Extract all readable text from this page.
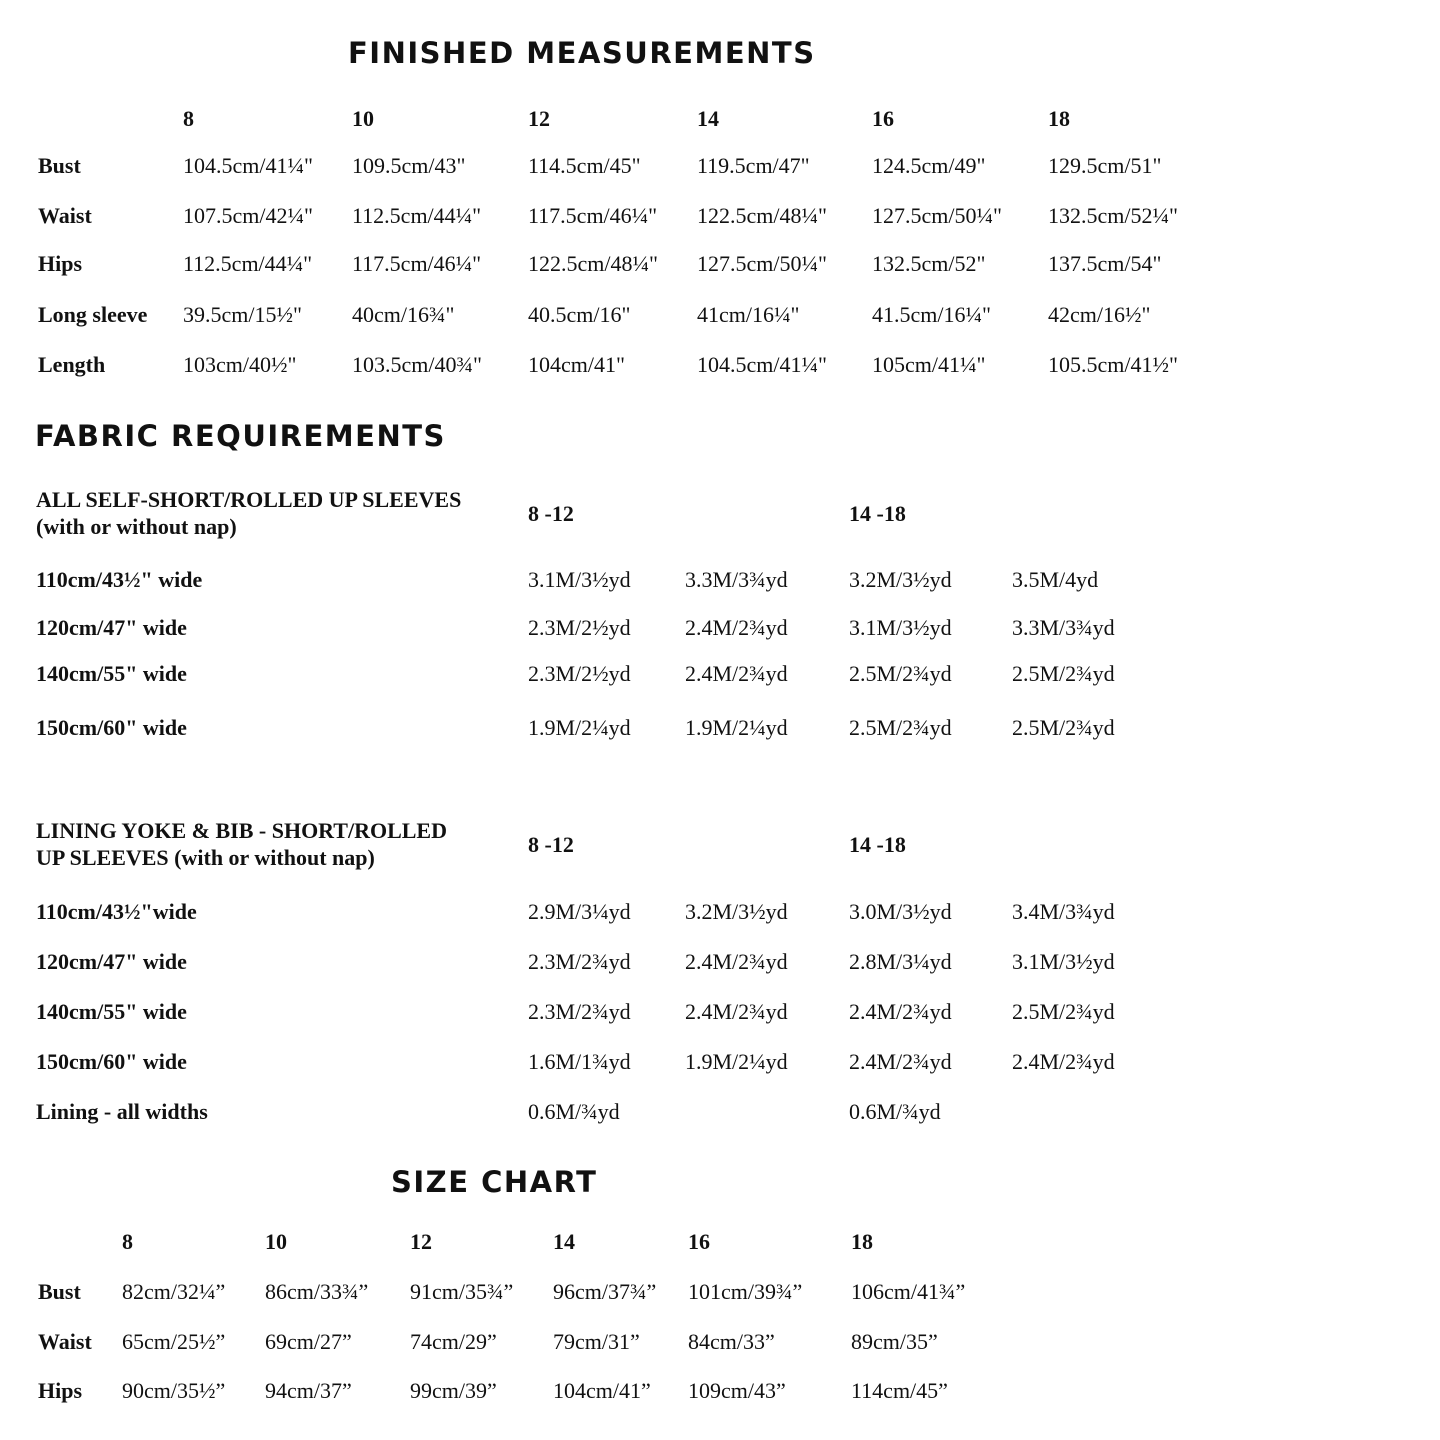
FINISHED MEASUREMENTS
8	10	12	14	16	18
Bust	104.5cm/41¼" 109.5cm/43"	114.5cm/45"	119.5cm/47"	124.5cm/49"	129.5cm/51"
Waist	107.5cm/42¼" 112.5cm/44¼" 117.5cm/46¼" 122.5cm/48¼" 127.5cm/50¼" 132.5cm/52¼"
Hips	112.5cm/44¼" 117.5cm/46¼" 122.5cm/48¼" 127.5cm/50¼" 132.5cm/52"	137.5cm/54"
Long sleeve 39.5cm/15½" 40cm/16¾"	40.5cm/16"	41cm/16¼"	41.5cm/16¼"	42cm/16½"
Length	103cm/40½"	103.5cm/40¾" 104cm/41"	104.5cm/41¼" 105cm/41¼"	105.5cm/41½"
FABRIC REQUIREMENTS
ALL SELF-SHORT/ROLLED UP SLEEVES
(with or without nap)
8 -12	14 -18
110cm/43½" wide	3.1M/3½yd 3.3M/3¾yd	3.2M/3½yd	3.5M/4yd
120cm/47" wide	2.3M/2½yd 2.4M/2¾yd	3.1M/3½yd	3.3M/3¾yd
140cm/55" wide	2.3M/2½yd 2.4M/2¾yd	2.5M/2¾yd	2.5M/2¾yd
150cm/60" wide	1.9M/2¼yd 1.9M/2¼yd	2.5M/2¾yd	2.5M/2¾yd
LINING YOKE & BIB - SHORT/ROLLED
UP SLEEVES (with or without nap)
8 -12	14 -18
110cm/43½"wide	2.9M/3¼yd 3.2M/3½yd	3.0M/3½yd	3.4M/3¾yd
120cm/47" wide	2.3M/2¾yd 2.4M/2¾yd	2.8M/3¼yd	3.1M/3½yd
140cm/55" wide	2.3M/2¾yd 2.4M/2¾yd	2.4M/2¾yd	2.5M/2¾yd
150cm/60" wide	1.6M/1¾yd 1.9M/2¼yd	2.4M/2¾yd	2.4M/2¾yd
Lining - all widths	0.6M/¾yd	0.6M/¾yd
SIZE CHART
8	10	12	14	16	18
Bust 82cm/32¼” 86cm/33¾” 91cm/35¾” 96cm/37¾” 101cm/39¾” 106cm/41¾”
Waist 65cm/25½” 69cm/27”	74cm/29”	79cm/31” 84cm/33”	89cm/35”
Hips 90cm/35½” 94cm/37”	99cm/39”	104cm/41” 109cm/43”	114cm/45”
